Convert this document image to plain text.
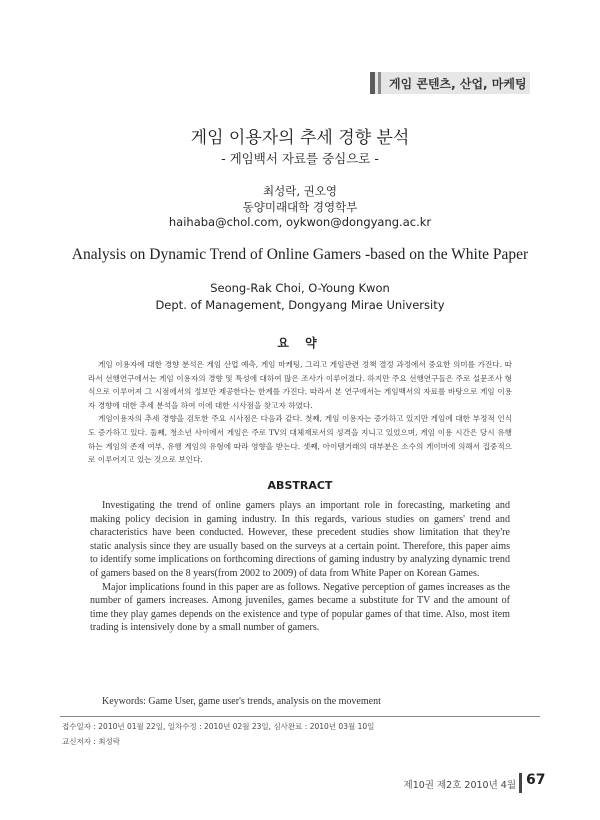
게임 콘텐츠, 산업, 마케팅
게임 이용자의 추세 경향 분석
- 게임백서 자료를 중심으로 -
최성락, 권오영
동양미래대학 경영학부
haihaba@chol.com, oykwon@dongyang.ac.kr
Analysis on Dynamic Trend of Online Gamers -based on the White Paper
Seong-Rak Choi, O-Young Kwon
Dept. of Management, Dongyang Mirae University
요 약

게임 이용자에 대한 경향 분석은 게임 산업 예측, 게임 마케팅, 그리고 게임관련 정책 결정 과정에서 중요한 의미를 가진다. 따라서 선행연구에서는 게임 이용자의 경향 및 특성에 대하여 많은 조사가 이루어졌다. 하지만 주요 선행연구들은 주로 설문조사 형식으로 이루어져 그 시점에서의 정보만 제공한다는 한계를 가진다. 따라서 본 연구에서는 게임백서의 자료를 바탕으로 게임 이용자 경향에 대한 추세 분석을 하여 이에 대한 시사점을 찾고자 하였다.

게임이용자의 추세 경향을 검토한 주요 시사점은 다음과 같다. 첫째, 게임 이용자는 증가하고 있지만 게임에 대한 부정적 인식도 증가하고 있다. 둘째, 청소년 사이에서 게임은 주로 TV의 대체재로서의 성격을 지니고 있었으며, 게임 이용 시간은 당시 유행하는 게임의 존재 여부, 유행 게임의 유형에 따라 영향을 받는다. 셋째, 아이템거래의 대부분은 소수의 게이머에 의해서 집중적으로 이루어지고 있는 것으로 보인다.

ABSTRACT

Investigating the trend of online gamers plays an important role in forecasting, marketing and making policy decision in gaming industry. In this regards, various studies on gamers' trend and characteristics have been conducted. However, these precedent studies show limitation that they're static analysis since they are usually based on the surveys at a certain point. Therefore, this paper aims to identify some implications on forthcoming directions of gaming industry by analyzing dynamic trend of gamers based on the 8 years(from 2002 to 2009) of data from White Paper on Korean Games.

Major implications found in this paper are as follows. Negative perception of games increases as the number of gamers increases. Among juveniles, games became a substitute for TV and the amount of time they play games depends on the existence and type of popular games of that time. Also, most item trading is intensively done by a small number of gamers.

Keywords: Game User, game user's trends, analysis on the movement
접수일자 : 2010년 01월 22일, 일차수정 : 2010년 02월 23일, 심사완료 : 2010년 03월 10일
교신저자 : 최성락
제10권 제2호 2010년 4월 67
